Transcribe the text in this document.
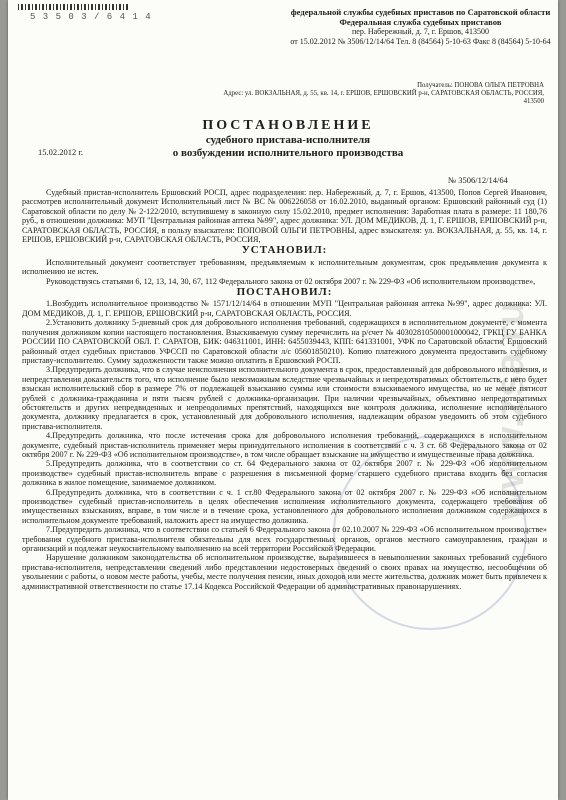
5 3 5 0 3 / 6 4 1 4	федеральной службы судебных приставов по Саратовской области
Федеральная служба судебных приставов
пер. Набережный, д. 7, г. Ершов, 413500
от 15.02.2012 № 3506/12/14/64 Тел. 8 (84564) 5-10-63 Факс 8 (84564) 5-10-64
Получатель: ПОНОВА ОЛЬГА ПЕТРОВНА
Адрес: ул. ВОКЗАЛЬНАЯ, д. 55, кв. 14, г. ЕРШОВ, ЕРШОВСКИЙ р-н, САРАТОВСКАЯ ОБЛАСТЬ, РОССИЯ, 413500
ПОСТАНОВЛЕНИЕ
судебного пристава-исполнителя
о возбуждении исполнительного производства
15.02.2012 г.
№ 3506/12/14/64

Судебный пристав-исполнитель Ершовский РОСП, адрес подразделения: пер. Набережный, д. 7, г. Ершов, 413500, Попов Сергей Иванович, рассмотрев исполнительный документ Исполнительный лист № ВС № 006226058 от 16.02.2010, выданный органом: Ершовский районный суд (1) Саратовской области по делу № 2-122/2010, вступившему в законную силу 15.02.2010, предмет исполнения: Заработная плата в размере: 11 180,76 руб., в отношении должника: МУП "Центральная районная аптека №99", адрес должника: УЛ. ДОМ МЕДИКОВ, Д. 1, Г. ЕРШОВ, ЕРШОВСКИЙ р-н, САРАТОВСКАЯ ОБЛАСТЬ, РОССИЯ, в пользу взыскателя: ПОПОВОЙ ОЛЬГИ ПЕТРОВНЫ, адрес взыскателя: ул. ВОКЗАЛЬНАЯ, д. 55, кв. 14, г. ЕРШОВ, ЕРШОВСКИЙ р-н, САРАТОВСКАЯ ОБЛАСТЬ, РОССИЯ,

УСТАНОВИЛ:

Исполнительный документ соответствует требованиям, предъявляемым к исполнительным документам, срок предъявления документа к исполнению не истек.

Руководствуясь статьями 6, 12, 13, 14, 30, 67, 112 Федерального закона от 02 октября 2007 г. № 229-ФЗ «Об исполнительном производстве»,

ПОСТАНОВИЛ:

1.Возбудить исполнительное производство № 1571/12/14/64 в отношении МУП "Центральная районная аптека №99", адрес должника: УЛ. ДОМ МЕДИКОВ, Д. 1, Г. ЕРШОВ, ЕРШОВСКИЙ р-н, САРАТОВСКАЯ ОБЛАСТЬ, РОССИЯ.

2.Установить должнику 5-дневный срок для добровольного исполнения требований, содержащихся в исполнительном документе, с момента получения должником копии настоящего постановления. Взыскиваемую сумму перечислить на р/счет № 40302810500001000042, ГРКЦ ГУ БАНКА РОССИИ ПО САРАТОВСКОЙ ОБЛ. Г. САРАТОВ, БИК: 046311001, ИНН: 6455039443, КПП: 641331001, УФК по Саратовской области( Ершовский районный отдел судебных приставов УФССП по Саратовской области л/с 05601850210). Копию платежного документа предоставить судебному приставу-исполнителю. Сумму задолженности также можно оплатить в Ершовский РОСП.

3.Предупредить должника, что в случае неисполнения исполнительного документа в срок, предоставленный для добровольного исполнения, и непредставления доказательств того, что исполнение было невозможным вследствие чрезвычайных и непредотвратимых обстоятельств, с него будет взыскан исполнительский сбор в размере 7% от подлежащей взысканию суммы или стоимости взыскиваемого имущества, но не менее пятисот рублей с должника-гражданина и пяти тысяч рублей с должника-организации. При наличии чрезвычайных, объективно непредотвратимых обстоятельств и других непредвиденных и непреодолимых препятствий, находящихся вне контроля должника, исполнение исполнительного документа, должнику предлагается в срок, установленный для добровольного исполнения, надлежащим образом уведомить об этом судебного пристава-исполнителя.

4.Предупредить должника, что после истечения срока для добровольного исполнения требований, содержащихся в исполнительном документе, судебный пристав-исполнитель применяет меры принудительного исполнения в соответствии с ч. 3 ст. 68 Федерального закона от 02 октября 2007 г. № 229-ФЗ «Об исполнительном производстве», в том числе обращает взыскание на имущество и имущественные права должника.

5.Предупредить должника, что в соответствии со ст. 64 Федерального закона от 02 октября 2007 г. № 229-ФЗ «Об исполнительном производстве» судебный пристав-исполнитель вправе с разрешения в письменной форме старшего судебного пристава входить без согласия должника в жилое помещение, занимаемое должником.

6.Предупредить должника, что в соответствии с ч. 1 ст.80 Федерального закона от 02 октября 2007 г. № 229-ФЗ «Об исполнительном производстве» судебный пристав-исполнитель в целях обеспечения исполнения исполнительного документа, содержащего требования об имущественных взысканиях, вправе, в том числе и в течение срока, установленного для добровольного исполнения должником содержащихся в исполнительном документе требований, наложить арест на имущество должника.

7.Предупредить должника, что в соответствии со статьей 6 Федерального закона от 02.10.2007 № 229-ФЗ «Об исполнительном производстве» требования судебного пристава-исполнителя обязательны для всех государственных органов, органов местного самоуправления, граждан и организаций и подлежат неукоснительному выполнению на всей территории Российской Федерации.

Нарушение должником законодательства об исполнительном производстве, выразившееся в невыполнении законных требований судебного пристава-исполнителя, непредставлении сведений либо представлении недостоверных сведений о своих правах на имущество, несообщении об увольнении с работы, о новом месте работы, учебы, месте получения пенсии, иных доходов или месте жительства, должник может быть привлечен к административной ответственности по статье 17.14 Кодекса Российской Федерации об административных правонарушениях.

www.zsa.ru
